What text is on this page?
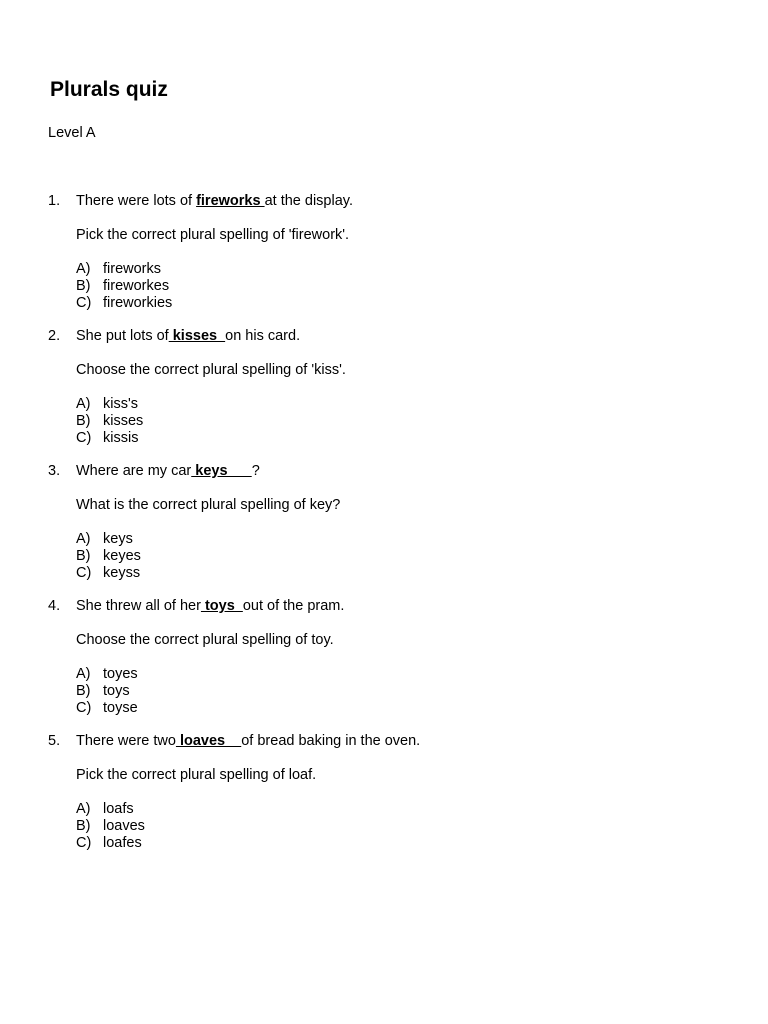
Plurals quiz
Level A
1. There were lots of fireworks at the display.
Pick the correct plural spelling of 'firework'.
A) fireworks
B) fireworkes
C) fireworkies
2. She put lots of kisses  on his card.
Choose the correct plural spelling of 'kiss'.
A) kiss's
B) kisses
C) kissis
3. Where are my car keys      ?
What is the correct plural spelling of key?
A) keys
B) keyes
C) keyss
4. She threw all of her toys  out of the pram.
Choose the correct plural spelling of toy.
A) toyes
B) toys
C) toyse
5. There were two loaves    of bread baking in the oven.
Pick the correct plural spelling of loaf.
A) loafs
B) loaves
C) loafes
